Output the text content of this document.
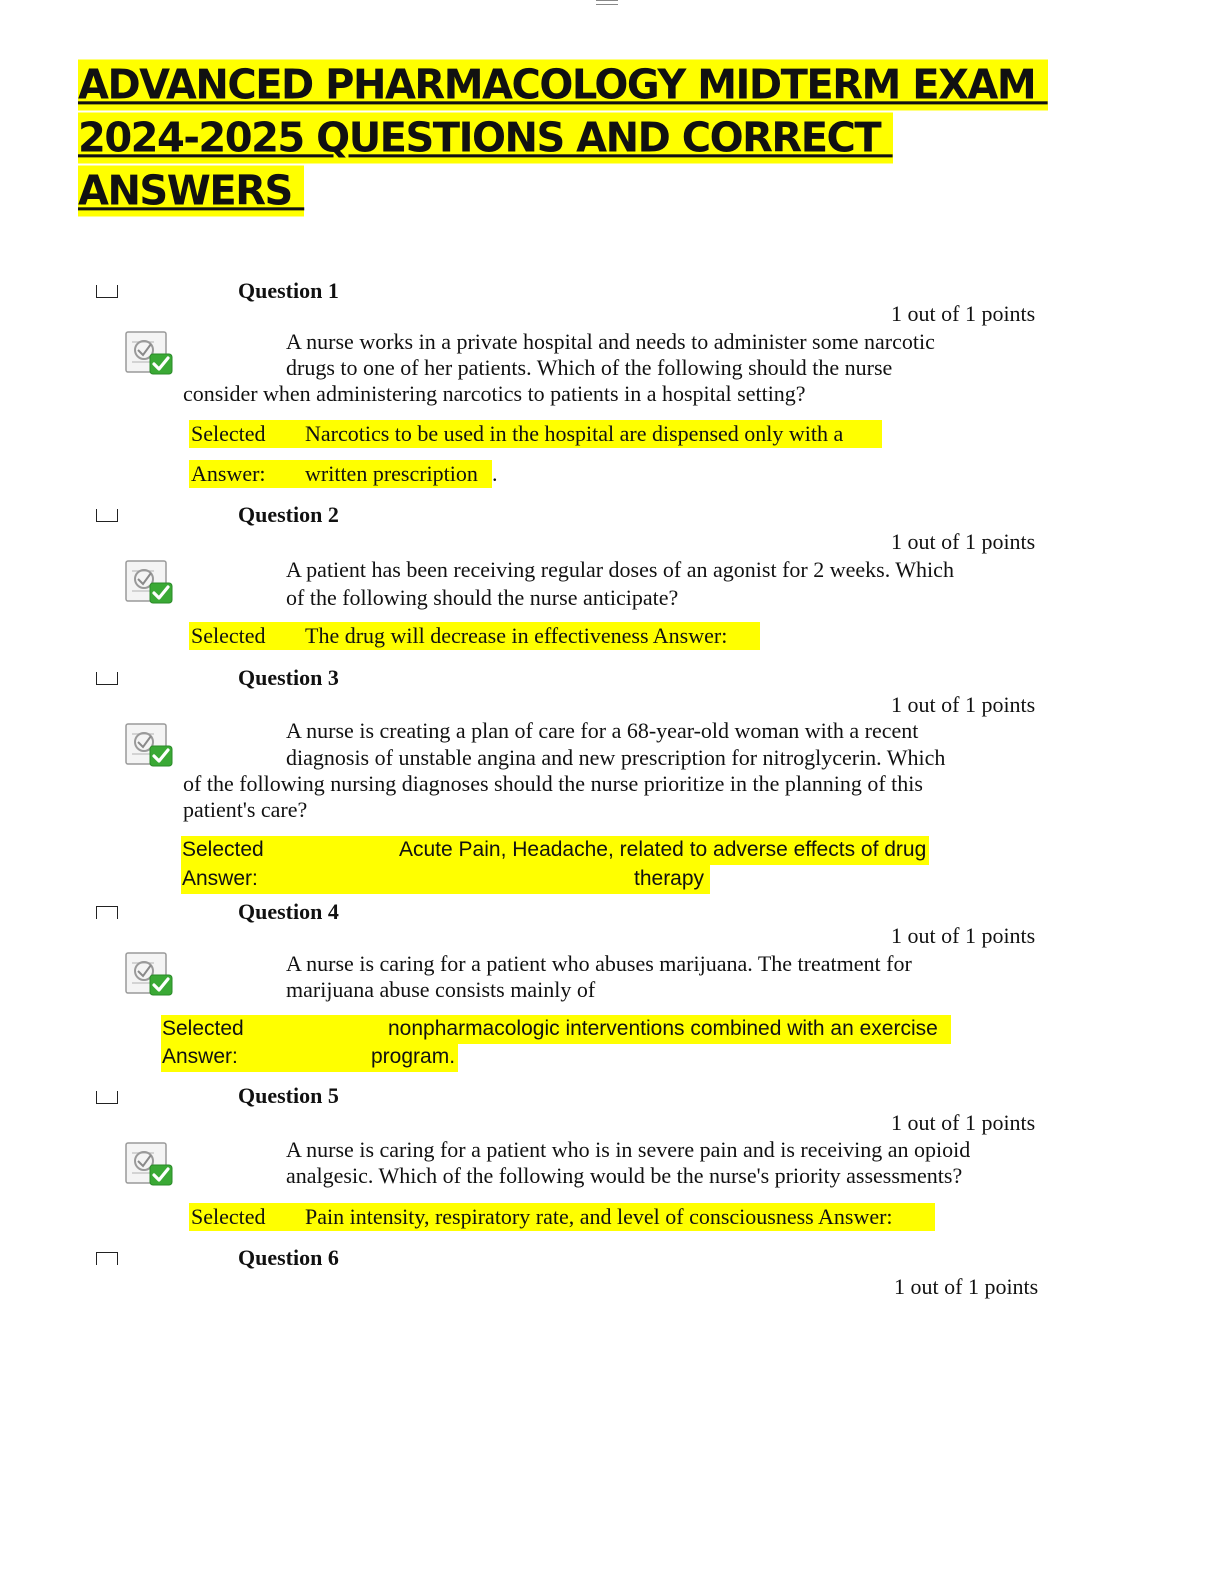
ADVANCED PHARMACOLOGY MIDTERM EXAM
2024-2025 QUESTIONS AND CORRECT
ANSWERS
Question 1
1 out of 1 points
A nurse works in a private hospital and needs to administer some narcotic
drugs to one of her patients. Which of the following should the nurse
consider when administering narcotics to patients in a hospital setting?

Selected

Narcotics to be used in the hospital are dispensed only with a

Answer:

written prescription

.
Question 2
1 out of 1 points
A patient has been receiving regular doses of an agonist for 2 weeks. Which
of the following should the nurse anticipate?

Selected

The drug will decrease in effectiveness Answer:

Question 3
1 out of 1 points
A nurse is creating a plan of care for a 68-year-old woman with a recent
diagnosis of unstable angina and new prescription for nitroglycerin. Which
of the following nursing diagnoses should the nurse prioritize in the planning of this
patient's care?

Selected

	Acute Pain, Headache, related to adverse effects of drug

Answer:

	therapy

Question 4
1 out of 1 points
A nurse is caring for a patient who abuses marijuana. The treatment for
marijuana abuse consists mainly of

Selected

	nonpharmacologic interventions combined with an exercise

Answer:

	program.

Question 5
1 out of 1 points
A nurse is caring for a patient who is in severe pain and is receiving an opioid
analgesic. Which of the following would be the nurse's priority assessments?

Selected

Pain intensity, respiratory rate, and level of consciousness Answer:

Question 6
1 out of 1 points
